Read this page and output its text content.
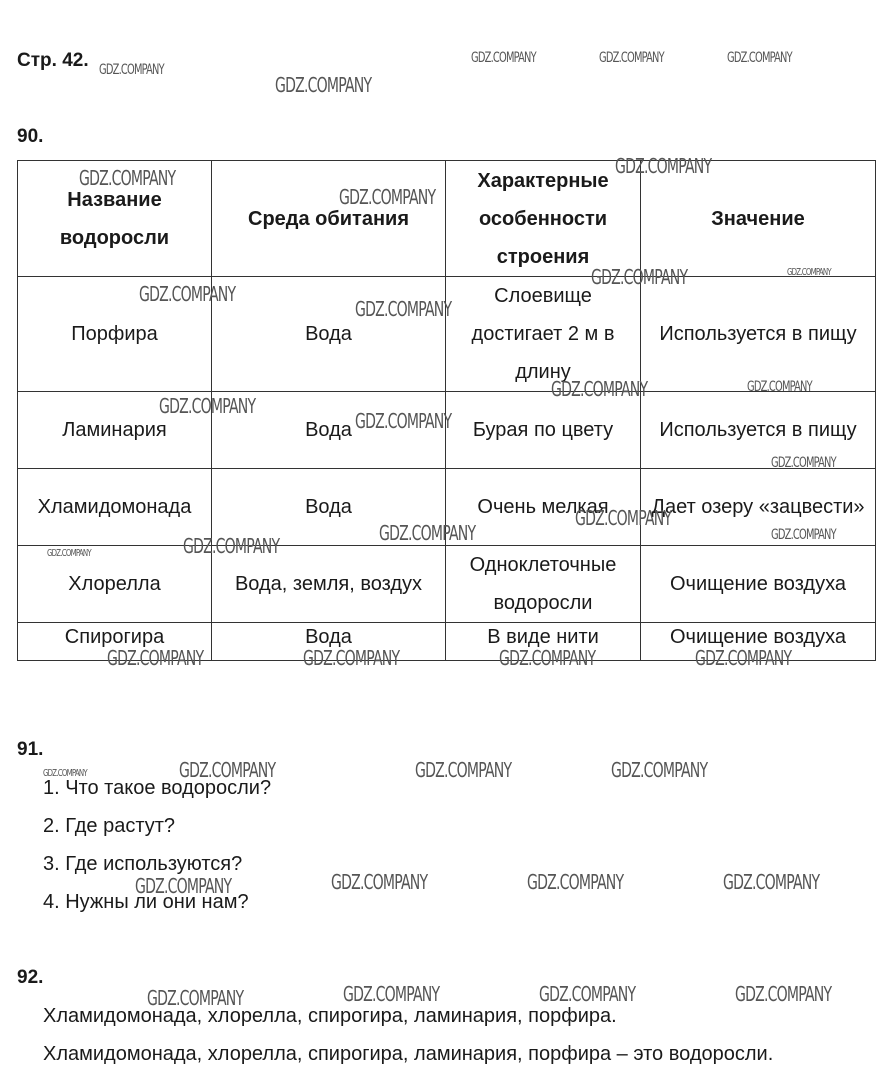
Стр. 42.
90.
Название водоросли	Среда обитания	Характерные особенности строения	Значение
Порфира	Вода	Слоевище достигает 2 м в длину	Используется в пищу
Ламинария	Вода	Бурая по цвету	Используется в пищу
Хламидомонада	Вода	Очень мелкая	Дает озеру «зацвести»
Хлорелла	Вода, земля, воздух	Одноклеточные водоросли	Очищение воздуха
Спирогира	Вода	В виде нити	Очищение воздуха
91.
1. Что такое водоросли?
2. Где растут?
3. Где используются?
4. Нужны ли они нам?
92.
Хламидомонада, хлорелла, спирогира, ламинария, порфира.
Хламидомонада, хлорелла, спирогира, ламинария, порфира – это водоросли.
GDZ.COMPANY
GDZ.COMPANY	GDZ.COMPANY	GDZ.COMPANY
GDZ.COMPANY
GDZ.COMPANY	GDZ.COMPANY
GDZ.COMPANY
GDZ.COMPANY	GDZ.COMPANY
GDZ.COMPANY
GDZ.COMPANY
GDZ.COMPANY	GDZ.COMPANY
GDZ.COMPANY
GDZ.COMPANY
GDZ.COMPANY
GDZ.COMPANY
GDZ.COMPANY
GDZ.COMPANY
GDZ.COMPANY	GDZ.COMPANY
GDZ.COMPANY	GDZ.COMPANY	GDZ.COMPANY	GDZ.COMPANY
GDZ.COMPANY	GDZ.COMPANY	GDZ.COMPANY	GDZ.COMPANY
GDZ.COMPANY	GDZ.COMPANY	GDZ.COMPANY	GDZ.COMPANY
GDZ.COMPANY	GDZ.COMPANY	GDZ.COMPANY	GDZ.COMPANY
